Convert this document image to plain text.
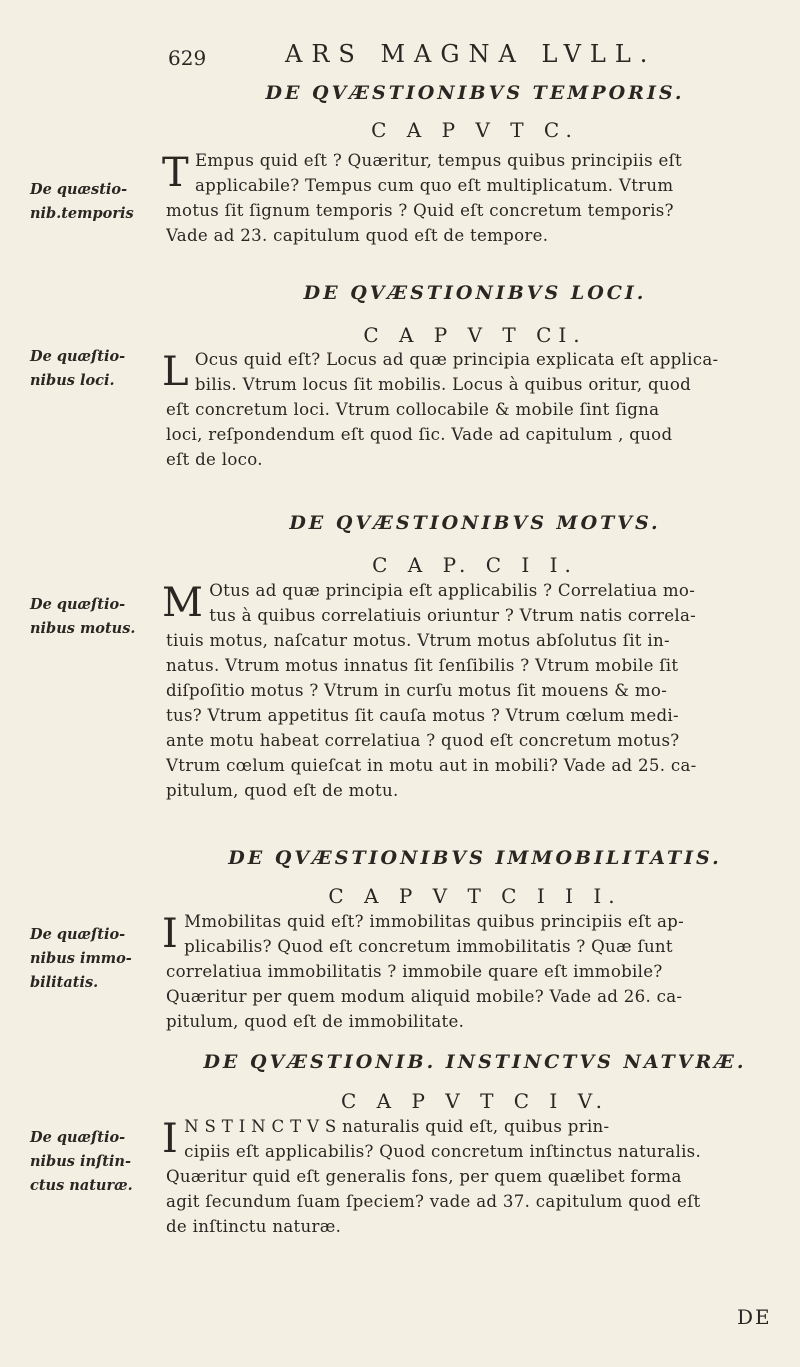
629	ARS MAGNA LVLL.
DE QVÆSTIONIBVS TEMPORIS.
C A P V T C.
De quæstio-
nib.temporis
T Empus quid eſt ? Quæritur, tempus quibus principiis eſt
applicabile? Tempus cum quo eſt multiplicatum. Vtrum
motus ſit ſignum temporis ? Quid eſt concretum temporis?
Vade ad 23. capitulum quod eſt de tempore.
DE QVÆSTIONIBVS LOCI.
C A P V T CI.
De quæſtio-
nibus loci.	L Ocus quid eſt? Locus ad quæ principia explicata eſt applica-
bilis. Vtrum locus ſit mobilis. Locus à quibus oritur, quod
eſt concretum loci. Vtrum collocabile & mobile ſint ſigna
loci, reſpondendum eſt quod ſic. Vade ad capitulum , quod
eſt de loco.
DE QVÆSTIONIBVS MOTVS.
C A P. C I I.
De quæſtio-
nibus motus.
M Otus ad quæ principia eſt applicabilis ? Correlatiua mo-
tus à quibus correlatiuis oriuntur ? Vtrum natis correla-
tiuis motus, naſcatur motus. Vtrum motus abſolutus ſit in-
natus. Vtrum motus innatus ſit ſenſibilis ? Vtrum mobile ſit
diſpoſitio motus ? Vtrum in curſu motus ſit mouens & mo-
tus? Vtrum appetitus ſit cauſa motus ? Vtrum cœlum medi-
ante motu habeat correlatiua ? quod eſt concretum motus?
Vtrum cœlum quieſcat in motu aut in mobili? Vade ad 25. ca-
pitulum, quod eſt de motu.
DE QVÆSTIONIBVS IMMOBILITATIS.
C A P V T C I I I.
De quæſtio-
nibus immo-
bilitatis.
I Mmobilitas quid eſt? immobilitas quibus principiis eſt ap-
plicabilis? Quod eſt concretum immobilitatis ? Quæ ſunt
correlatiua immobilitatis ? immobile quare eſt immobile?
Quæritur per quem modum aliquid mobile? Vade ad 26. ca-
pitulum, quod eſt de immobilitate.
DE QVÆSTIONIB. INSTINCTVS NATVRÆ.
C A P V T C I V.
De quæſtio-
nibus inſtin-
ctus naturæ.
I N S T I N C T V S naturalis quid eſt, quibus prin-
cipiis eſt applicabilis? Quod concretum inſtinctus naturalis.
Quæritur quid eſt generalis fons, per quem quælibet forma
agit ſecundum ſuam ſpeciem? vade ad 37. capitulum quod eſt
de inſtinctu naturæ.
DE
